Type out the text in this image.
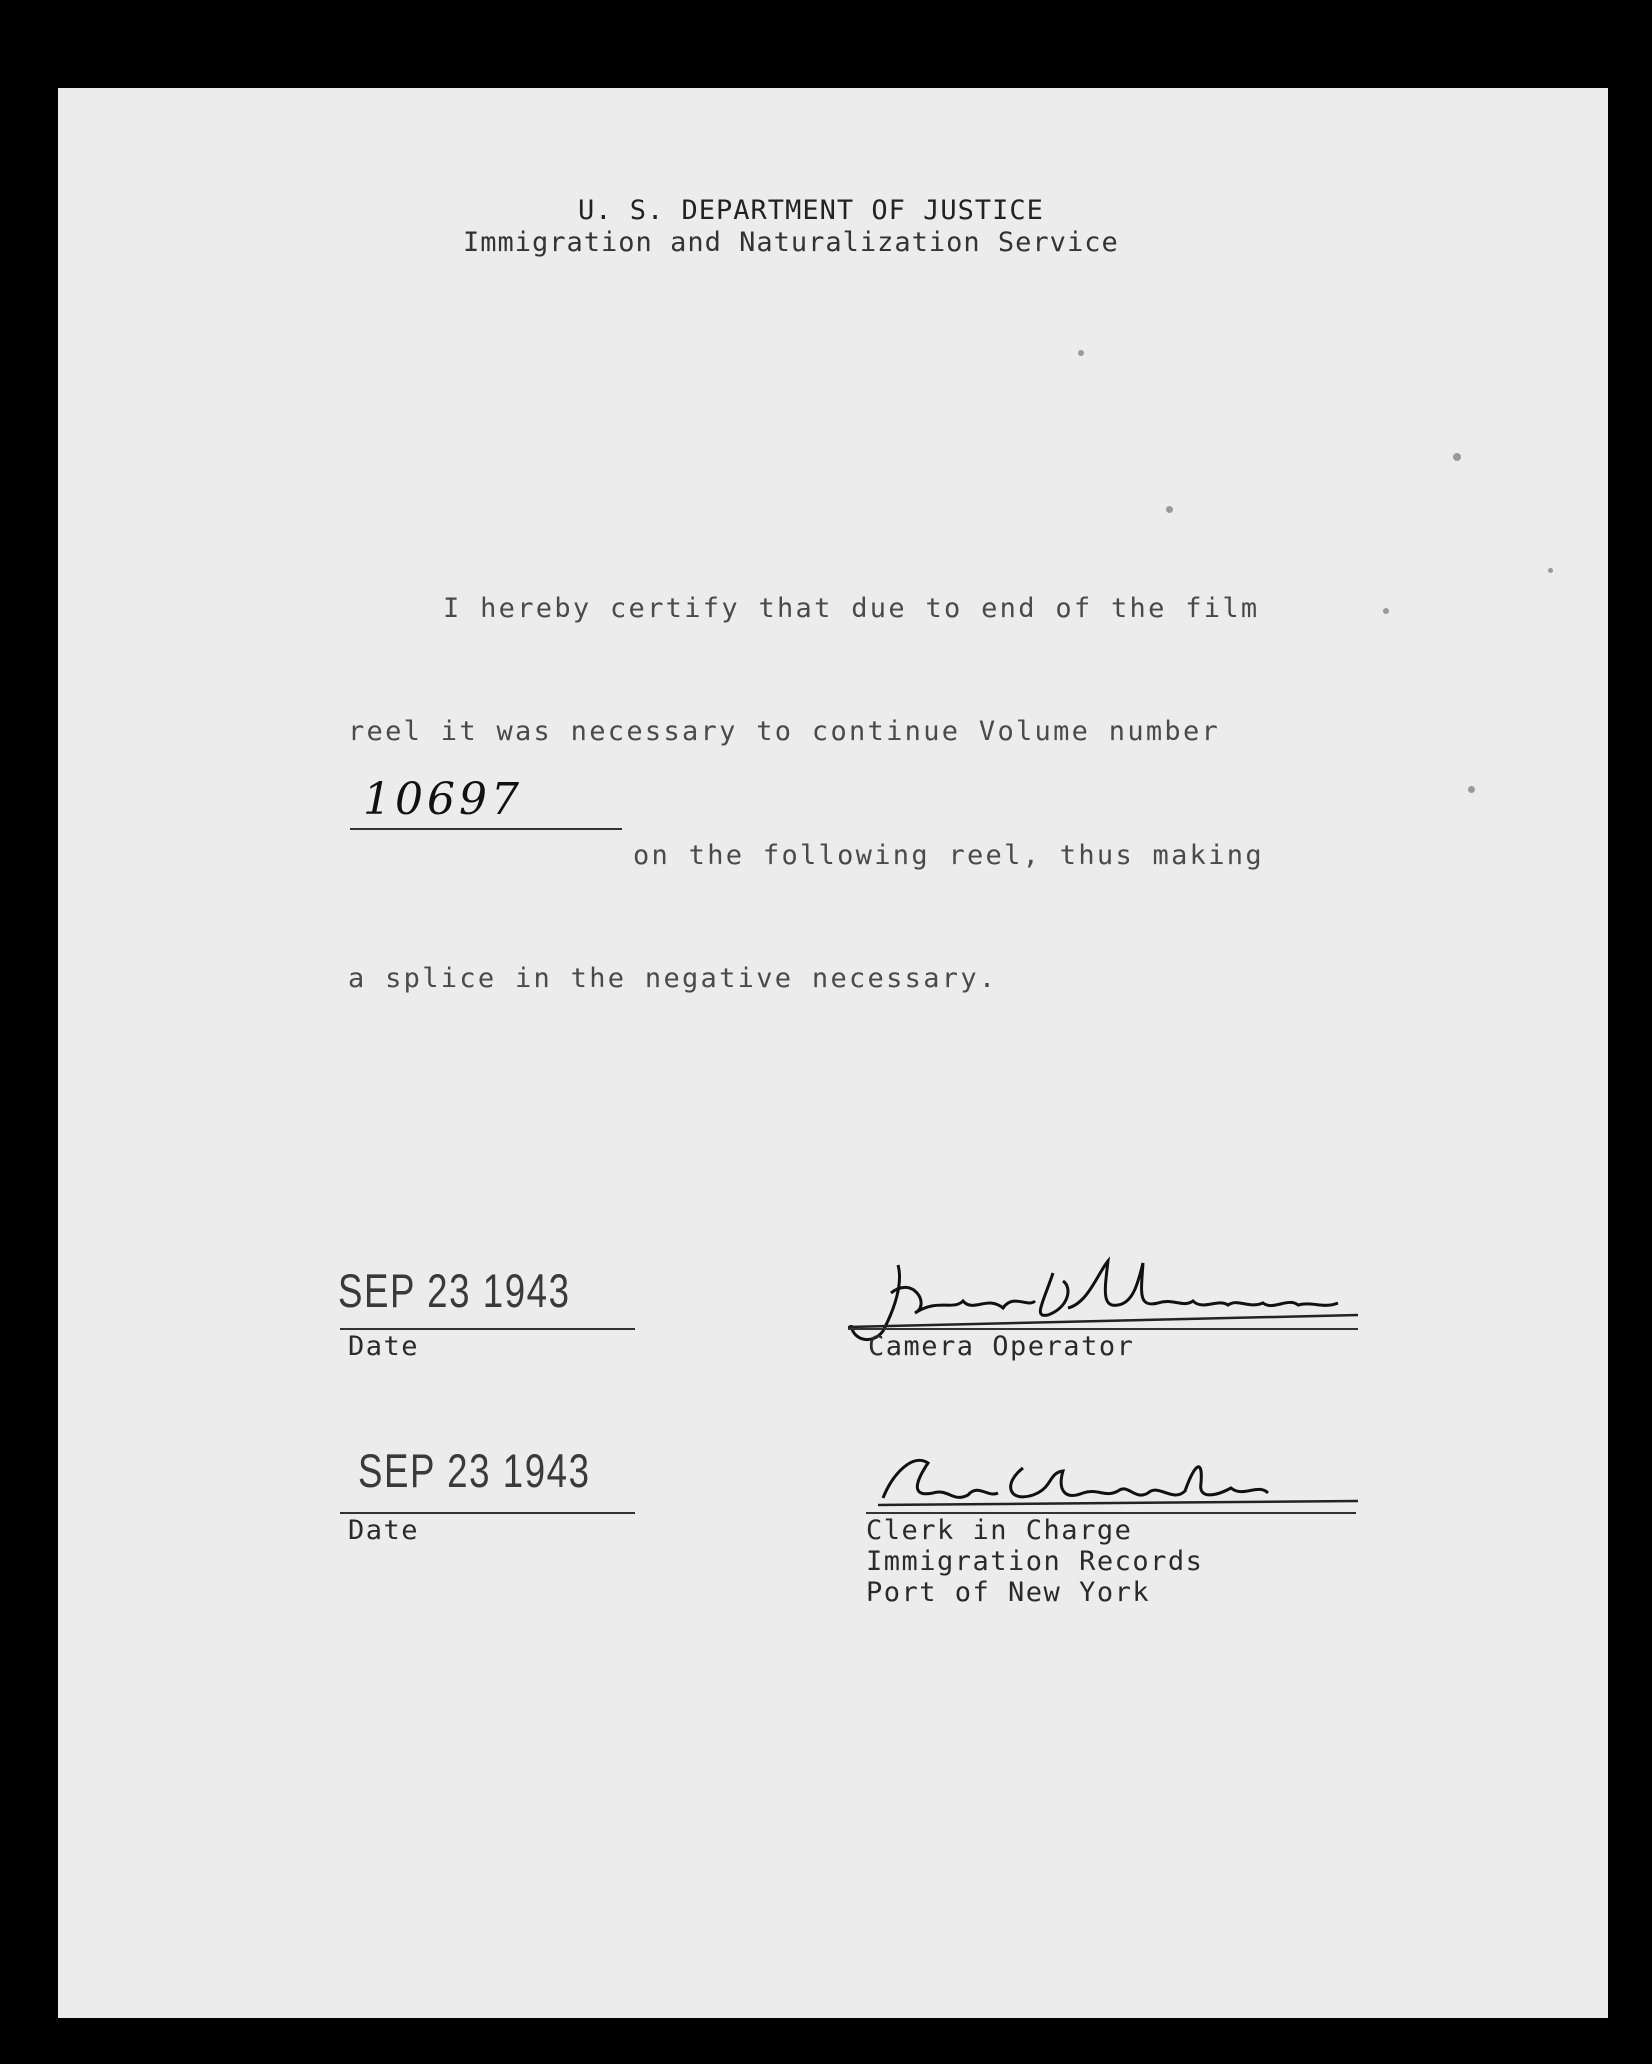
U. S. DEPARTMENT OF JUSTICE
Immigration and Naturalization Service
I hereby certify that due to end of the film
reel it was necessary to continue Volume number
10697
on the following reel, thus making
a splice in the negative necessary.
SEP 23 1943
Date	Camera Operator
SEP 23 1943
Date	Clerk in Charge
Immigration Records
Port of New York
